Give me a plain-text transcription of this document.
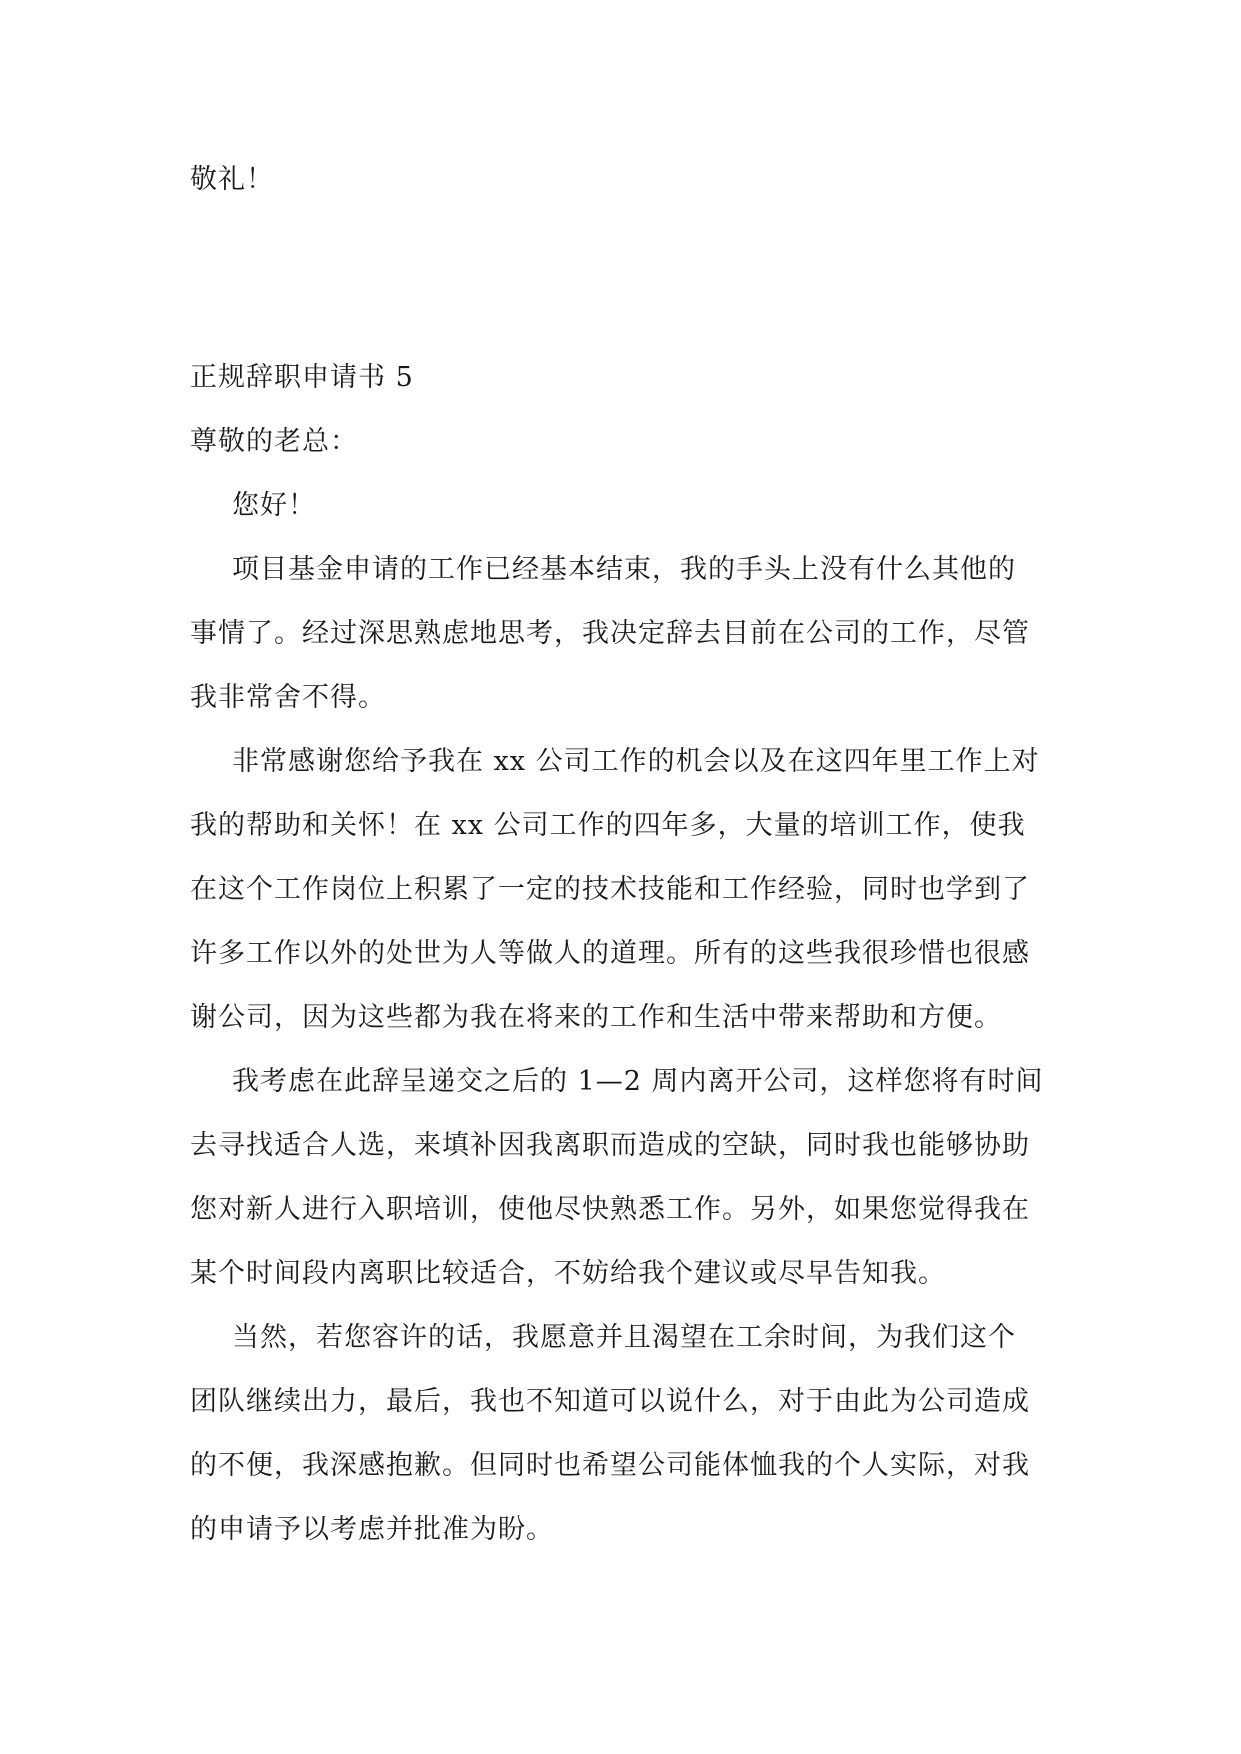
敬礼！
正规辞职申请书 5
尊敬的老总：
您好！
项目基金申请的工作已经基本结束，我的手头上没有什么其他的
事情了。经过深思熟虑地思考，我决定辞去目前在公司的工作，尽管
我非常舍不得。
非常感谢您给予我在 xx 公司工作的机会以及在这四年里工作上对
我的帮助和关怀！在 xx 公司工作的四年多，大量的培训工作，使我
在这个工作岗位上积累了一定的技术技能和工作经验，同时也学到了
许多工作以外的处世为人等做人的道理。所有的这些我很珍惜也很感
谢公司，因为这些都为我在将来的工作和生活中带来帮助和方便。
我考虑在此辞呈递交之后的 1—2 周内离开公司，这样您将有时间
去寻找适合人选，来填补因我离职而造成的空缺，同时我也能够协助
您对新人进行入职培训，使他尽快熟悉工作。另外，如果您觉得我在
某个时间段内离职比较适合，不妨给我个建议或尽早告知我。
当然，若您容许的话，我愿意并且渴望在工余时间，为我们这个
团队继续出力，最后，我也不知道可以说什么，对于由此为公司造成
的不便，我深感抱歉。但同时也希望公司能体恤我的个人实际，对我
的申请予以考虑并批准为盼。
